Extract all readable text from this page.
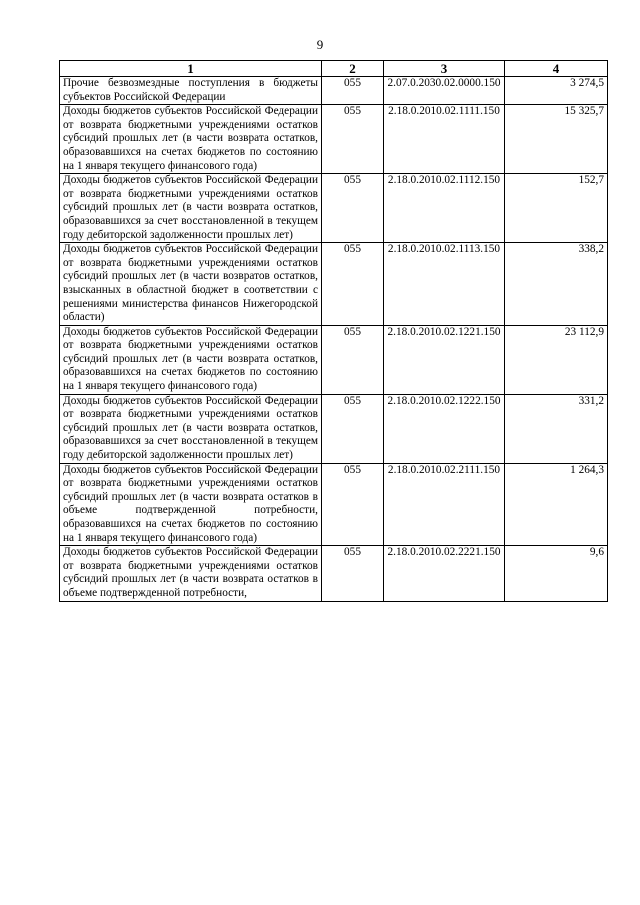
9
1	2	3	4
Прочие безвозмездные поступления в бюджеты субъектов Российской Федерации	055	2.07.0.2030.02.0000.150	3 274,5
Доходы бюджетов субъектов Российской Федерации от возврата бюджетными учреждениями остатков субсидий прошлых лет (в части возврата остатков, образовавшихся на счетах бюджетов по состоянию на 1 января текущего финансового года)	055	2.18.0.2010.02.1111.150	15 325,7
Доходы бюджетов субъектов Российской Федерации от возврата бюджетными учреждениями остатков субсидий прошлых лет (в части возврата остатков, образовавшихся за счет восстановленной в текущем году дебиторской задолженности прошлых лет)	055	2.18.0.2010.02.1112.150	152,7
Доходы бюджетов субъектов Российской Федерации от возврата бюджетными учреждениями остатков субсидий прошлых лет (в части возвратов остатков, взысканных в областной бюджет в соответствии с решениями министерства финансов Нижегородской области)	055	2.18.0.2010.02.1113.150	338,2
Доходы бюджетов субъектов Российской Федерации от возврата бюджетными учреждениями остатков субсидий прошлых лет (в части возврата остатков, образовавшихся на счетах бюджетов по состоянию на 1 января текущего финансового года)	055	2.18.0.2010.02.1221.150	23 112,9
Доходы бюджетов субъектов Российской Федерации от возврата бюджетными учреждениями остатков субсидий прошлых лет (в части возврата остатков, образовавшихся за счет восстановленной в текущем году дебиторской задолженности прошлых лет)	055	2.18.0.2010.02.1222.150	331,2
Доходы бюджетов субъектов Российской Федерации от возврата бюджетными учреждениями остатков субсидий прошлых лет (в части возврата остатков в объеме подтвержденной потребности, образовавшихся на счетах бюджетов по состоянию на 1 января текущего финансового года)	055	2.18.0.2010.02.2111.150	1 264,3
Доходы бюджетов субъектов Российской Федерации от возврата бюджетными учреждениями остатков субсидий прошлых лет (в части возврата остатков в объеме подтвержденной потребности,	055	2.18.0.2010.02.2221.150	9,6
